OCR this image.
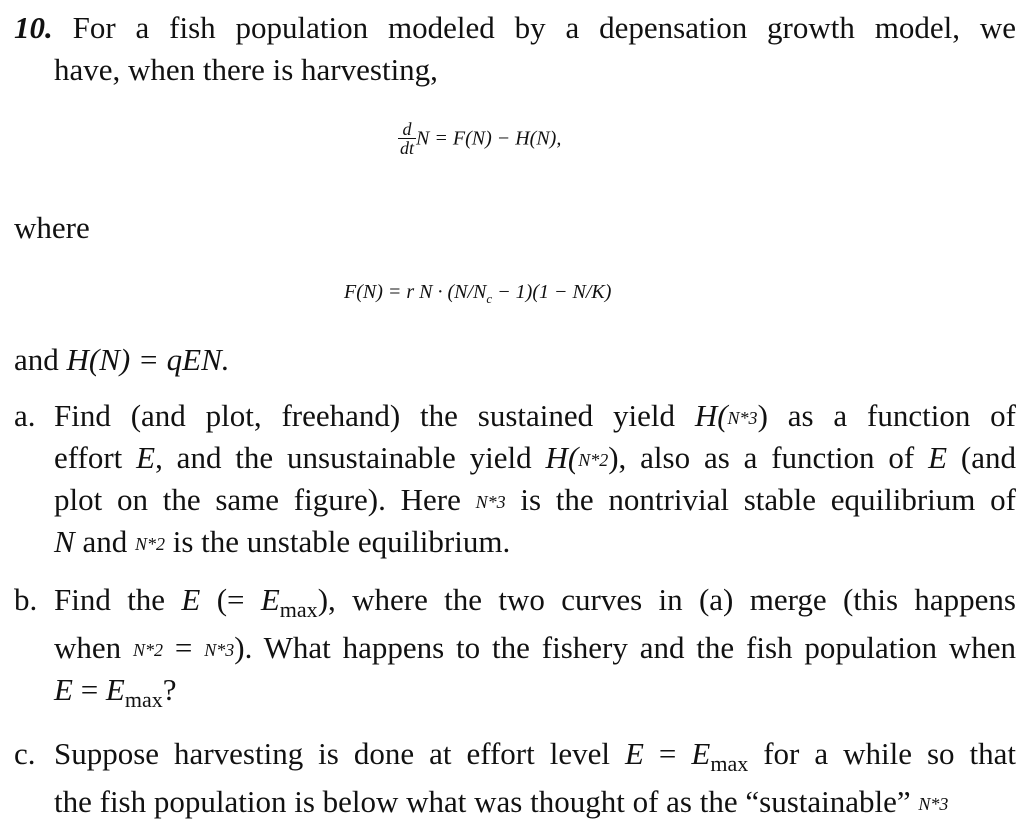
10. For a fish population modeled by a depensation growth model, we
have, when there is harvesting,
$\frac{d}{dt}$ N = F(N) − H(N),
where
F(N) = r $N \cdot (N/N_c - 1)(1 - N/K)$
and H(N) = qEN.
a. Find (and plot, freehand) the sustained yield H(N*3) as a function of
effort E, and the unsustainable yield H(N*2), also as a function of E (and
plot on the same figure). Here N*3 is the nontrivial stable equilibrium of
N and N*2 is the unstable equilibrium.
b. Find the E (= $E_{max}$), where the two curves in (a) merge (this happens
when N*2 = N*3). What happens to the fishery and the fish population when
$E = E_{max}$?
c. Suppose harvesting is done at effort level $E = E_{max}$ for a while so that
the fish population is below what was thought of as the “sustainable” N*3
